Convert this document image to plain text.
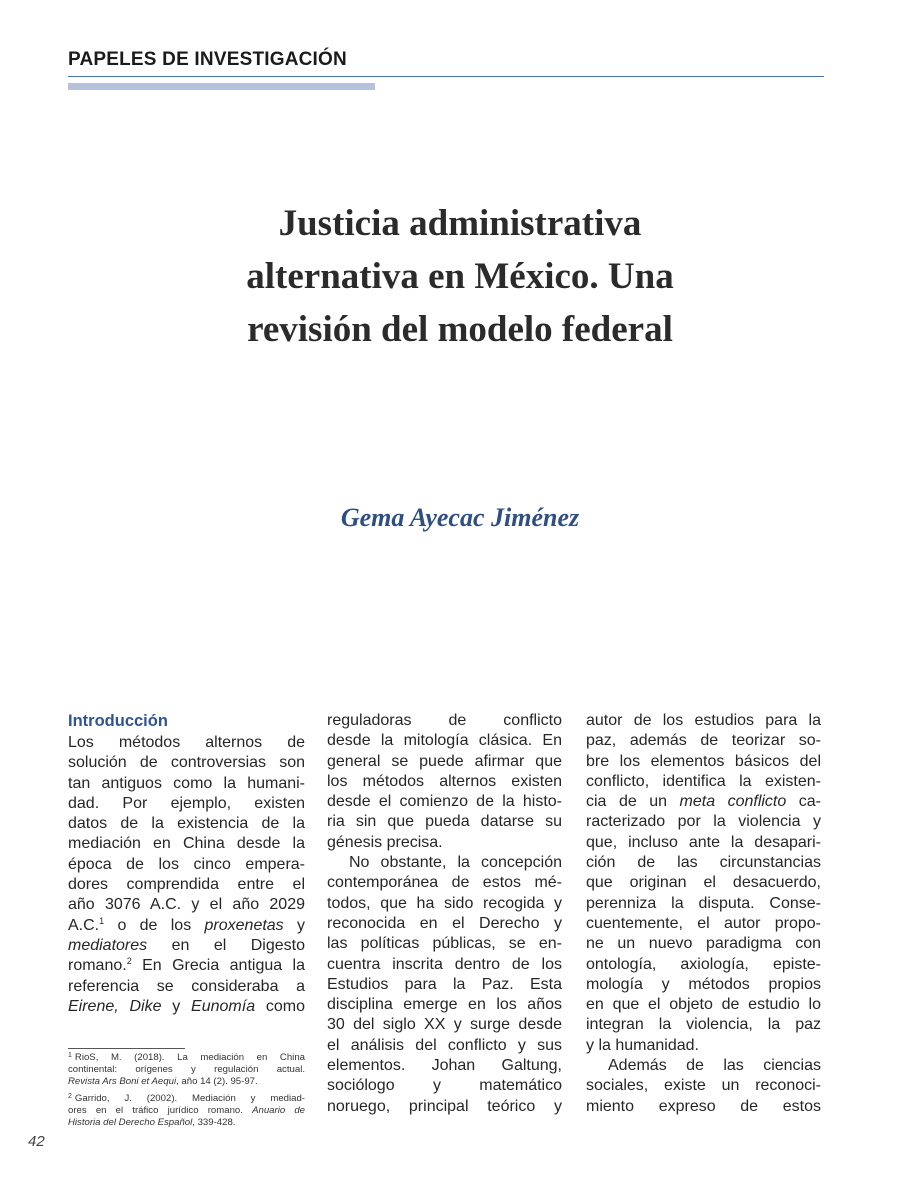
PAPELES DE INVESTIGACIÓN
Justicia administrativa
alternativa en México. Una
revisión del modelo federal
Gema Ayecac Jiménez
Introducción
Los métodos alternos de
solución de controversias son
tan antiguos como la humani-
dad. Por ejemplo, existen
datos de la existencia de la
mediación en China desde la
época de los cinco empera-
dores comprendida entre el
año 3076 A.C. y el año 2029
A.C.$^1$ o de los proxenetas y
mediatores en el Digesto
romano.$^2$ En Grecia antigua la
referencia se consideraba a
Eirene, Dike y Eunomía como
reguladoras de conflicto
desde la mitología clásica. En
general se puede afirmar que
los métodos alternos existen
desde el comienzo de la histo-
ria sin que pueda datarse su
génesis precisa.
No obstante, la concepción
contemporánea de estos mé-
todos, que ha sido recogida y
reconocida en el Derecho y
las políticas públicas, se en-
cuentra inscrita dentro de los
Estudios para la Paz. Esta
disciplina emerge en los años
30 del siglo XX y surge desde
el análisis del conflicto y sus
elementos. Johan Galtung,
sociólogo y matemático
noruego, principal teórico y
autor de los estudios para la
paz, además de teorizar so-
bre los elementos básicos del
conflicto, identifica la existen-
cia de un meta conflicto ca-
racterizado por la violencia y
que, incluso ante la desapari-
ción de las circunstancias
que originan el desacuerdo,
perenniza la disputa. Conse-
cuentemente, el autor propo-
ne un nuevo paradigma con
ontología, axiología, episte-
mología y métodos propios
en que el objeto de estudio lo
integran la violencia, la paz
y la humanidad.
Además de las ciencias
sociales, existe un reconoci-
miento expreso de estos
$^1$ RioS, M. (2018). La mediación en China
continental: orígenes y regulación actual.
Revista Ars Boni et Aequi, año 14 (2). 95-97.
$^2$ Garrido, J. (2002). Mediación y mediad-
ores en el tráfico jurídico romano. Anuario de
Historia del Derecho Español, 339-428.
42
